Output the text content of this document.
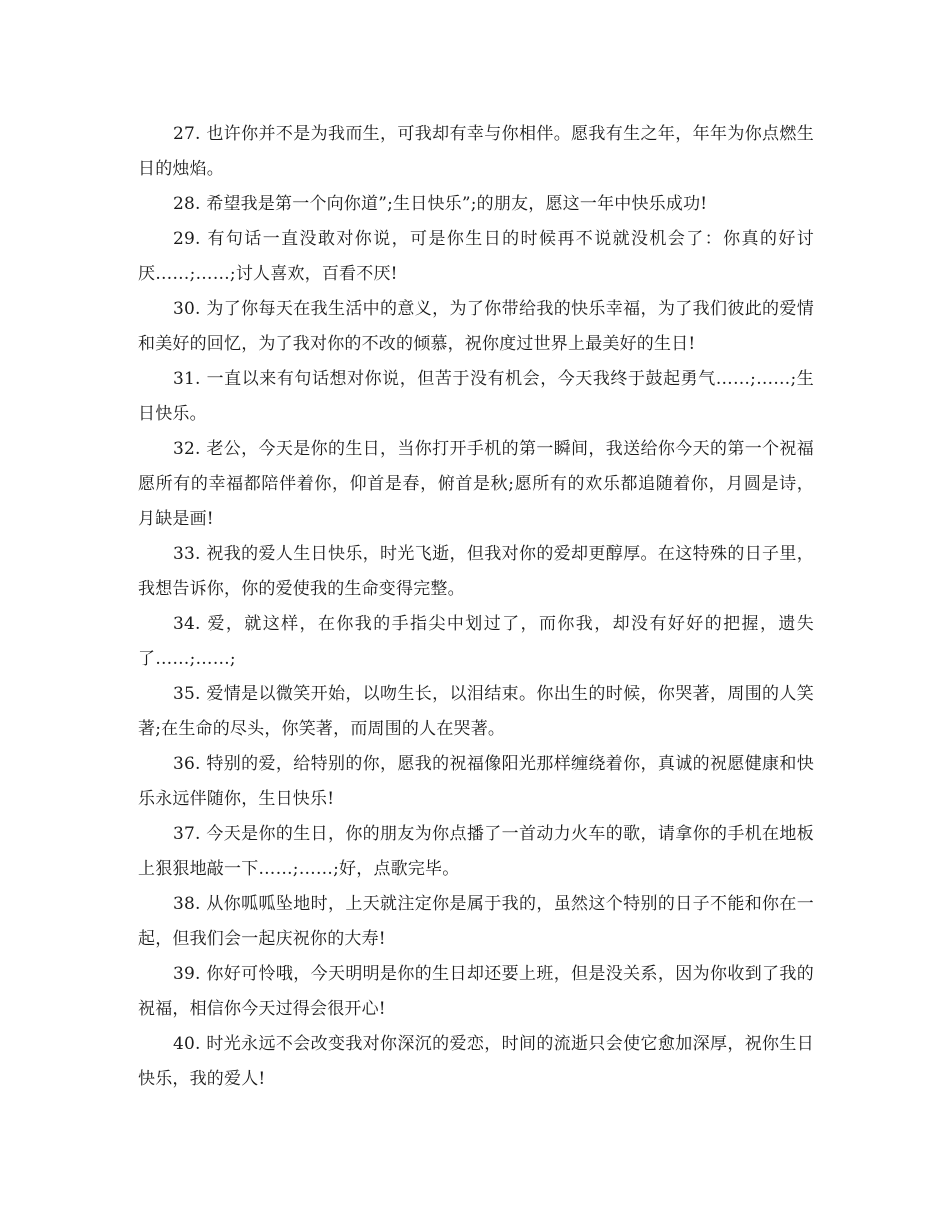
27. 也许你并不是为我而生，可我却有幸与你相伴。愿我有生之年，年年为你点燃生日的烛焰。

28. 希望我是第一个向你道”;生日快乐”;的朋友，愿这一年中快乐成功!

29. 有句话一直没敢对你说，可是你生日的时候再不说就没机会了：你真的好讨厌……;……;讨人喜欢，百看不厌!

30. 为了你每天在我生活中的意义，为了你带给我的快乐幸福，为了我们彼此的爱情和美好的回忆，为了我对你的不改的倾慕，祝你度过世界上最美好的生日!

31. 一直以来有句话想对你说，但苦于没有机会，今天我终于鼓起勇气……;……;生日快乐。

32. 老公，今天是你的生日，当你打开手机的第一瞬间，我送给你今天的第一个祝福愿所有的幸福都陪伴着你，仰首是春，俯首是秋;愿所有的欢乐都追随着你，月圆是诗，月缺是画!

33. 祝我的爱人生日快乐，时光飞逝，但我对你的爱却更醇厚。在这特殊的日子里，我想告诉你，你的爱使我的生命变得完整。

34. 爱，就这样，在你我的手指尖中划过了，而你我，却没有好好的把握，遗失了……;……;

35. 爱情是以微笑开始，以吻生长，以泪结束。你出生的时候，你哭著，周围的人笑著;在生命的尽头，你笑著，而周围的人在哭著。

36. 特别的爱，给特别的你，愿我的祝福像阳光那样缠绕着你，真诚的祝愿健康和快乐永远伴随你，生日快乐!

37. 今天是你的生日，你的朋友为你点播了一首动力火车的歌，请拿你的手机在地板上狠狠地敲一下……;……;好，点歌完毕。

38. 从你呱呱坠地时，上天就注定你是属于我的，虽然这个特别的日子不能和你在一起，但我们会一起庆祝你的大寿!

39. 你好可怜哦，今天明明是你的生日却还要上班，但是没关系，因为你收到了我的祝福，相信你今天过得会很开心!

40. 时光永远不会改变我对你深沉的爱恋，时间的流逝只会使它愈加深厚，祝你生日快乐，我的爱人!
